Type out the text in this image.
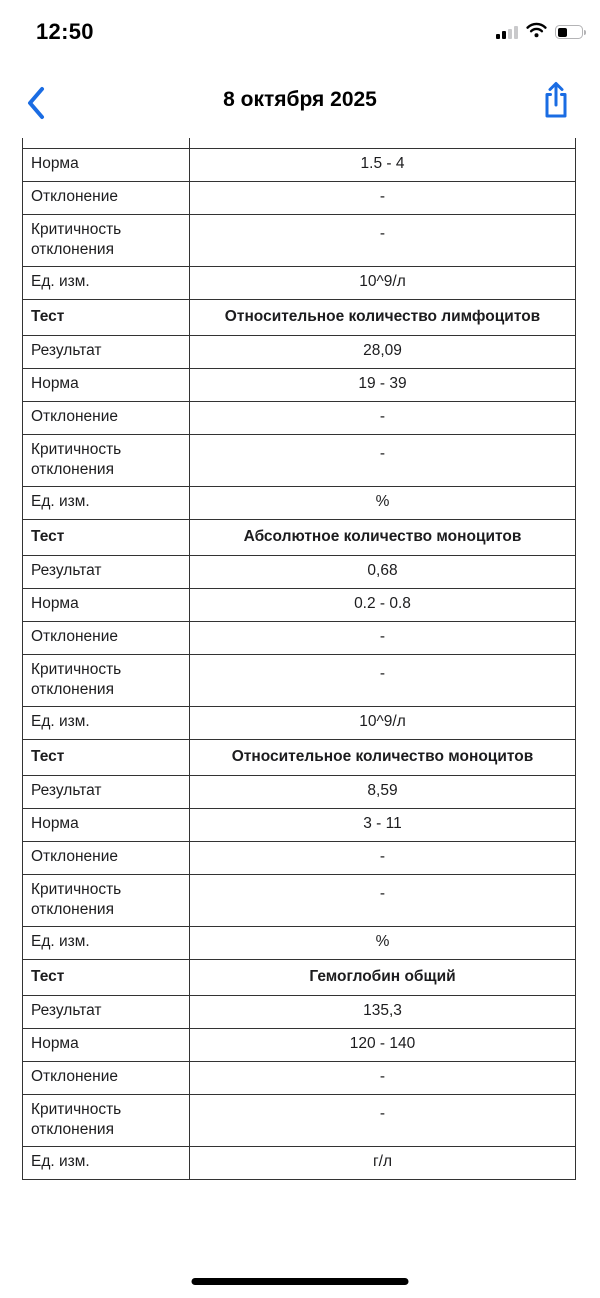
12:50
8 октября 2025
Норма	1.5 - 4
Отклонение	-
Критичность отклонения	-
Ед. изм.	10^9/л
Тест	Относительное количество лимфоцитов
Результат	28,09
Норма	19 - 39
Отклонение	-
Критичность отклонения	-
Ед. изм.	%
Тест	Абсолютное количество моноцитов
Результат	0,68
Норма	0.2 - 0.8
Отклонение	-
Критичность отклонения	-
Ед. изм.	10^9/л
Тест	Относительное количество моноцитов
Результат	8,59
Норма	3 - 11
Отклонение	-
Критичность отклонения	-
Ед. изм.	%
Тест	Гемоглобин общий
Результат	135,3
Норма	120 - 140
Отклонение	-
Критичность отклонения	-
Ед. изм.	г/л
